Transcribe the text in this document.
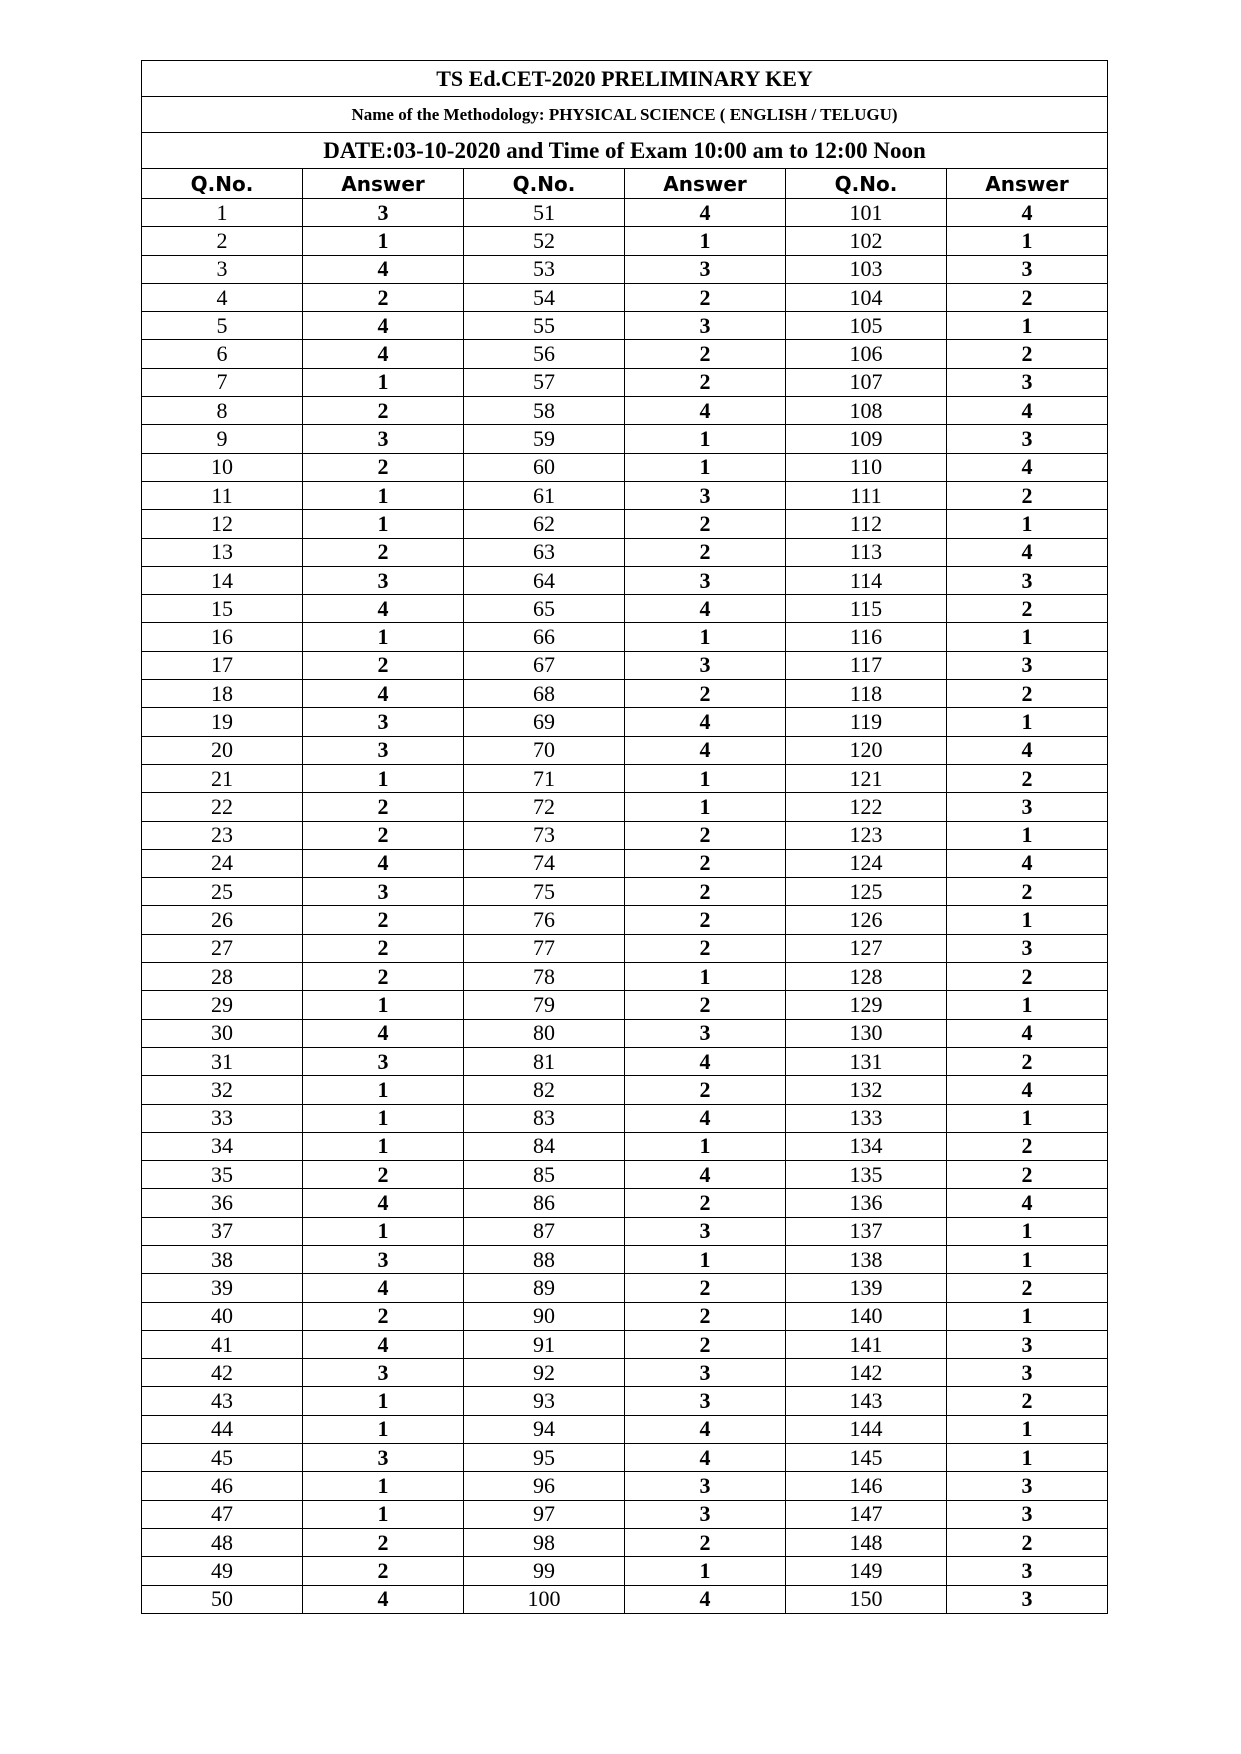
TS Ed.CET-2020 PRELIMINARY KEY					
Name of the Methodology: PHYSICAL SCIENCE ( ENGLISH / TELUGU)					
DATE:03-10-2020 and Time of Exam 10:00 am to 12:00 Noon					
Q.No.	Answer	Q.No.	Answer	Q.No.	Answer
1	3	51	4	101	4
2	1	52	1	102	1
3	4	53	3	103	3
4	2	54	2	104	2
5	4	55	3	105	1
6	4	56	2	106	2
7	1	57	2	107	3
8	2	58	4	108	4
9	3	59	1	109	3
10	2	60	1	110	4
11	1	61	3	111	2
12	1	62	2	112	1
13	2	63	2	113	4
14	3	64	3	114	3
15	4	65	4	115	2
16	1	66	1	116	1
17	2	67	3	117	3
18	4	68	2	118	2
19	3	69	4	119	1
20	3	70	4	120	4
21	1	71	1	121	2
22	2	72	1	122	3
23	2	73	2	123	1
24	4	74	2	124	4
25	3	75	2	125	2
26	2	76	2	126	1
27	2	77	2	127	3
28	2	78	1	128	2
29	1	79	2	129	1
30	4	80	3	130	4
31	3	81	4	131	2
32	1	82	2	132	4
33	1	83	4	133	1
34	1	84	1	134	2
35	2	85	4	135	2
36	4	86	2	136	4
37	1	87	3	137	1
38	3	88	1	138	1
39	4	89	2	139	2
40	2	90	2	140	1
41	4	91	2	141	3
42	3	92	3	142	3
43	1	93	3	143	2
44	1	94	4	144	1
45	3	95	4	145	1
46	1	96	3	146	3
47	1	97	3	147	3
48	2	98	2	148	2
49	2	99	1	149	3
50	4	100	4	150	3
